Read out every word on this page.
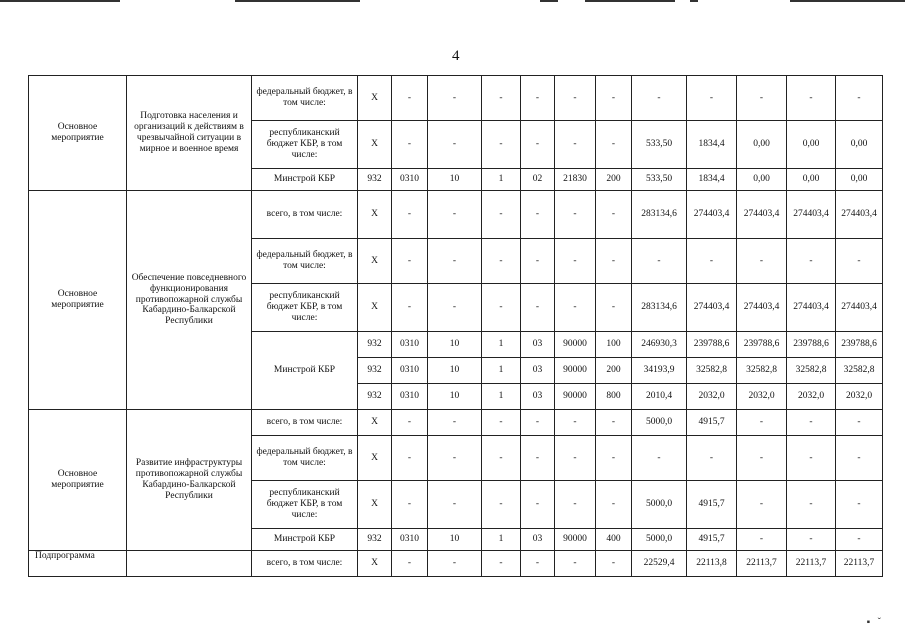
4
Основное мероприятие	Подготовка населения и организаций к действиям в чрезвычайной ситуации в мирное и военное время	федеральный бюджет, в том числе:	X	-	-	-	-	-	-	-	-	-	-	-
		республиканский бюджет КБР, в том числе:	X	-	-	-	-	-	-	533,50	1834,4	0,00	0,00	0,00
		Минстрой КБР	932	0310	10	1	02	21830	200	533,50	1834,4	0,00	0,00	0,00
Основное мероприятие	Обеспечение повседневного функционирования противопожарной службы Кабардино-Балкарской Республики	всего, в том числе:	X	-	-	-	-	-	-	283134,6	274403,4	274403,4	274403,4	274403,4
		федеральный бюджет, в том числе:	X	-	-	-	-	-	-	-	-	-	-	-
		республиканский бюджет КБР, в том числе:	X	-	-	-	-	-	-	283134,6	274403,4	274403,4	274403,4	274403,4
		Минстрой КБР	932	0310	10	1	03	90000	100	246930,3	239788,6	239788,6	239788,6	239788,6
			932	0310	10	1	03	90000	200	34193,9	32582,8	32582,8	32582,8	32582,8
			932	0310	10	1	03	90000	800	2010,4	2032,0	2032,0	2032,0	2032,0
Основное мероприятие	Развитие инфраструктуры противопожарной службы Кабардино-Балкарской Республики	всего, в том числе:	X	-	-	-	-	-	-	5000,0	4915,7	-	-	-
		федеральный бюджет, в том числе:	X	-	-	-	-	-	-	-	-	-	-	-
		республиканский бюджет КБР, в том числе:	X	-	-	-	-	-	-	5000,0	4915,7	-	-	-
		Минстрой КБР	932	0310	10	1	03	90000	400	5000,0	4915,7	-	-	-
Подпрограмма		всего, в том числе:	X	-	-	-	-	-	-	22529,4	22113,8	22113,7	22113,7	22113,7
▪   ˇ
